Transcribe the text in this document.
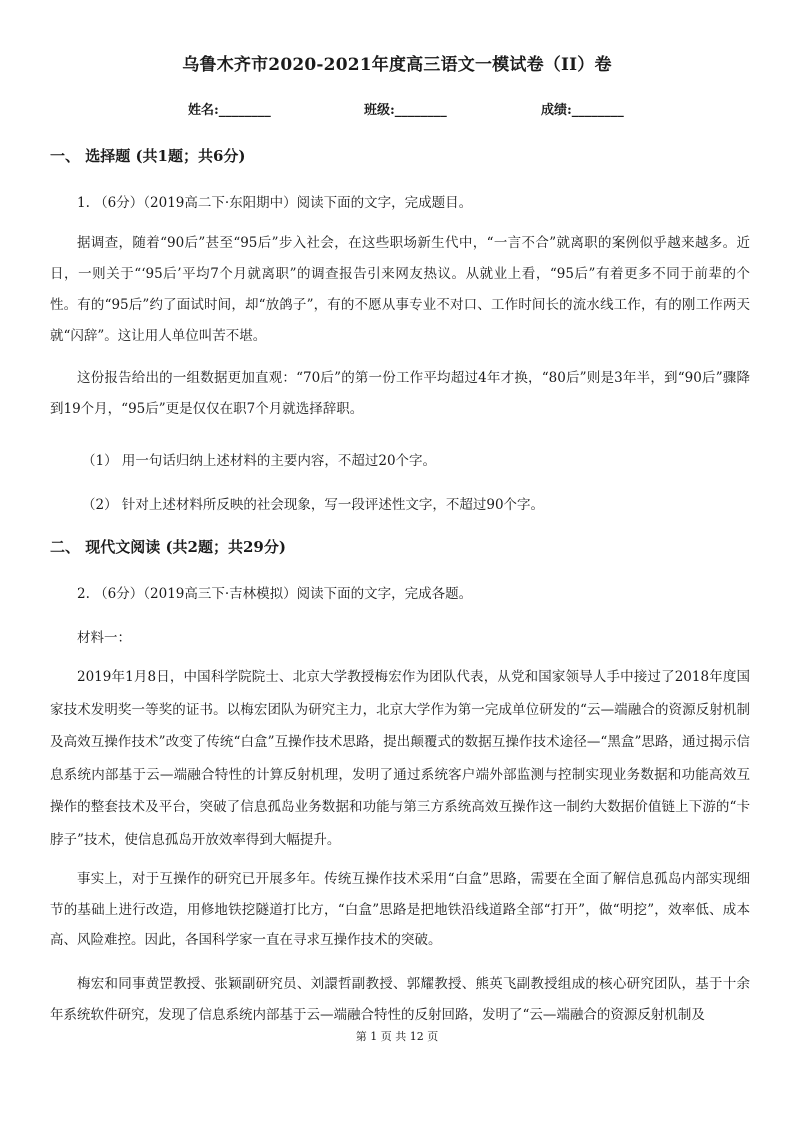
乌鲁木齐市2020-2021年度高三语文一模试卷（II）卷
姓名:________	班级:________	成绩:________
一、 选择题 (共1题；共6分)
1. （6分）（2019高二下·东阳期中）阅读下面的文字，完成题目。

据调查，随着“90后”甚至“95后”步入社会，在这些职场新生代中，“一言不合”就离职的案例似乎越来越多。近日，一则关于“‘95后’平均7个月就离职”的调查报告引来网友热议。从就业上看，“95后”有着更多不同于前辈的个性。有的“95后”约了面试时间，却“放鸽子”，有的不愿从事专业不对口、工作时间长的流水线工作，有的刚工作两天就“闪辞”。这让用人单位叫苦不堪。

这份报告给出的一组数据更加直观：“70后”的第一份工作平均超过4年才换，“80后”则是3年半，到“90后”骤降到19个月，“95后”更是仅仅在职7个月就选择辞职。

（1） 用一句话归纳上述材料的主要内容，不超过20个字。
（2） 针对上述材料所反映的社会现象，写一段评述性文字，不超过90个字。
二、 现代文阅读 (共2题；共29分)
2. （6分）（2019高三下·吉林模拟）阅读下面的文字，完成各题。
材料一：

2019年1月8日，中国科学院院士、北京大学教授梅宏作为团队代表，从党和国家领导人手中接过了2018年度国家技术发明奖一等奖的证书。以梅宏团队为研究主力，北京大学作为第一完成单位研发的“云—端融合的资源反射机制及高效互操作技术”改变了传统“白盒”互操作技术思路，提出颠覆式的数据互操作技术途径—“黑盒”思路，通过揭示信息系统内部基于云—端融合特性的计算反射机理，发明了通过系统客户端外部监测与控制实现业务数据和功能高效互操作的整套技术及平台，突破了信息孤岛业务数据和功能与第三方系统高效互操作这一制约大数据价值链上下游的“卡脖子”技术，使信息孤岛开放效率得到大幅提升。

事实上，对于互操作的研究已开展多年。传统互操作技术采用“白盒”思路，需要在全面了解信息孤岛内部实现细节的基础上进行改造，用修地铁挖隧道打比方，“白盒”思路是把地铁沿线道路全部“打开”，做“明挖”，效率低、成本高、风险难控。因此，各国科学家一直在寻求互操作技术的突破。

梅宏和同事黄罡教授、张颖副研究员、刘譞哲副教授、郭耀教授、熊英飞副教授组成的核心研究团队，基于十余年系统软件研究，发现了信息系统内部基于云—端融合特性的反射回路，发明了“云—端融合的资源反射机制及

第 1 页 共 12 页
